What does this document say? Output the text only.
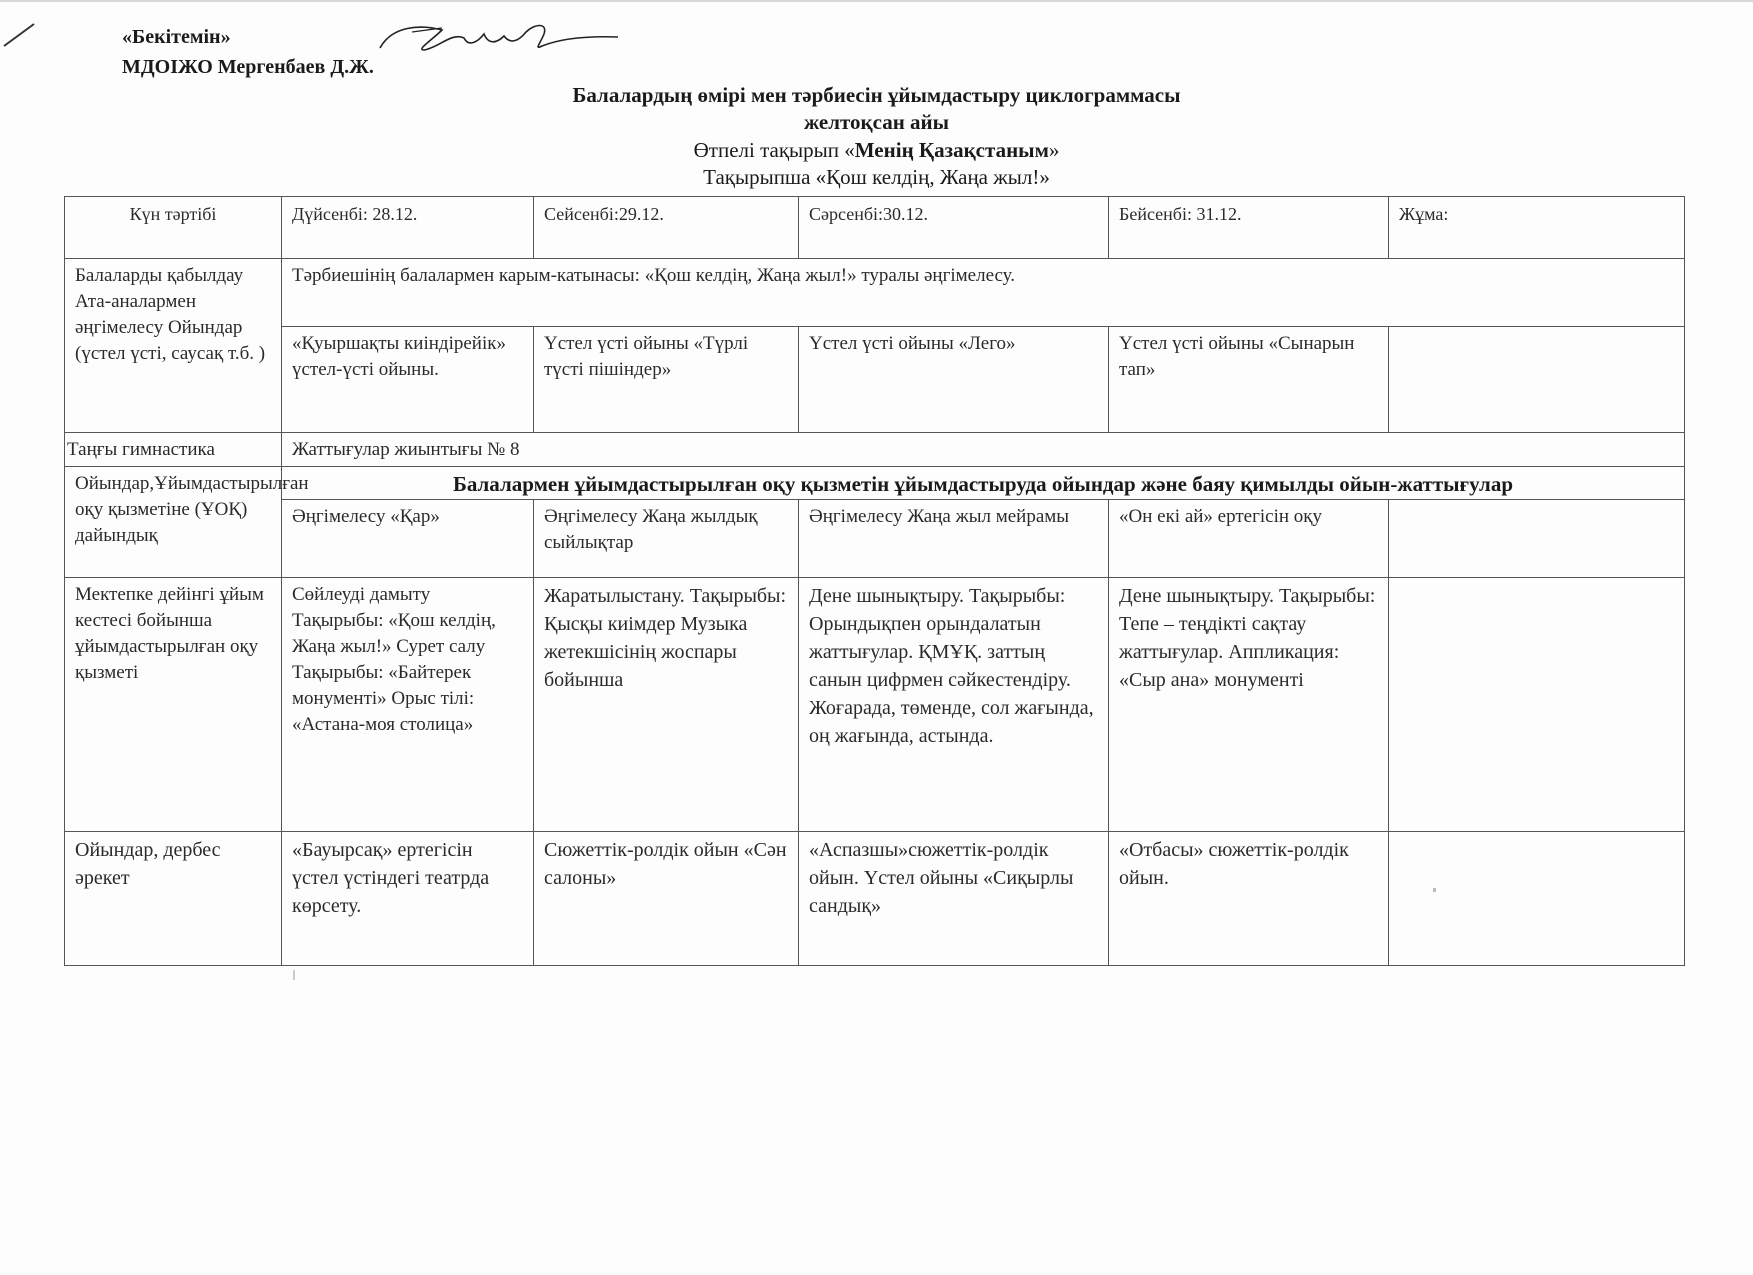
«Бекітемін»
МДОІЖО Мергенбаев Д.Ж.
Балалардың өмірі мен тәрбиесін ұйымдастыру циклограммасы
желтоқсан айы
Өтпелі тақырып «Менің Қазақстаным»
Тақырыпша «Қош келдің, Жаңа жыл!»
Күн тәртібі	Дүйсенбі: 28.12.	Сейсенбі:29.12.	Сәрсенбі:30.12.	Бейсенбі: 31.12.	Жұма:
Балаларды қабылдау Ата-аналармен әңгімелесу Ойындар (үстел үсті, саусақ т.б. )	Тәрбиешінің балалармен карым-катынасы: «Қош келдің, Жаңа жыл!» туралы әңгімелесу.				
	«Қуыршақты киіндірейік» үстел-үсті ойыны.	Үстел үсті ойыны «Түрлі түсті пішіндер»	Үстел үсті ойыны «Лего»	Үстел үсті ойыны «Сынарын тап»	
Таңғы гимнастика	Жаттығулар жиынтығы № 8				
Ойындар,Ұйымдастырылған оқу қызметіне (ҰОҚ) дайындық	Балалармен ұйымдастырылған оқу қызметін ұйымдастыруда ойындар және баяу қимылды ойын-жаттығулар				
	Әңгімелесу «Қар»	Әңгімелесу Жаңа жылдық сыйлықтар	Әңгімелесу Жаңа жыл мейрамы	«Он екі ай» ертегісін оқу	
Мектепке дейінгі ұйым кестесі бойынша ұйымдастырылған оқу қызметі	Сөйлеуді дамыту Тақырыбы: «Қош келдің, Жаңа жыл!» Сурет салу Тақырыбы: «Байтерек монументі» Орыс тілі: «Астана-моя столица»	Жаратылыстану. Тақырыбы: Қысқы киімдер Музыка жетекшісінің жоспары бойынша	Дене шынықтыру. Тақырыбы: Орындықпен орындалатын жаттығулар. ҚМҰҚ. заттың санын цифрмен сәйкестендіру. Жоғарада, төменде, сол жағында, оң жағында, астында.	Дене шынықтыру. Тақырыбы: Тепе – теңдікті сақтау жаттығулар. Аппликация: «Сыр ана» монументі	
Ойындар, дербес әрекет	«Бауырсақ» ертегісін үстел үстіндегі театрда көрсету.	Сюжеттік-ролдік ойын «Сән салоны»	«Аспазшы»сюжеттік-ролдік ойын. Үстел ойыны «Сиқырлы сандық»	«Отбасы» сюжеттік-ролдік ойын.	
